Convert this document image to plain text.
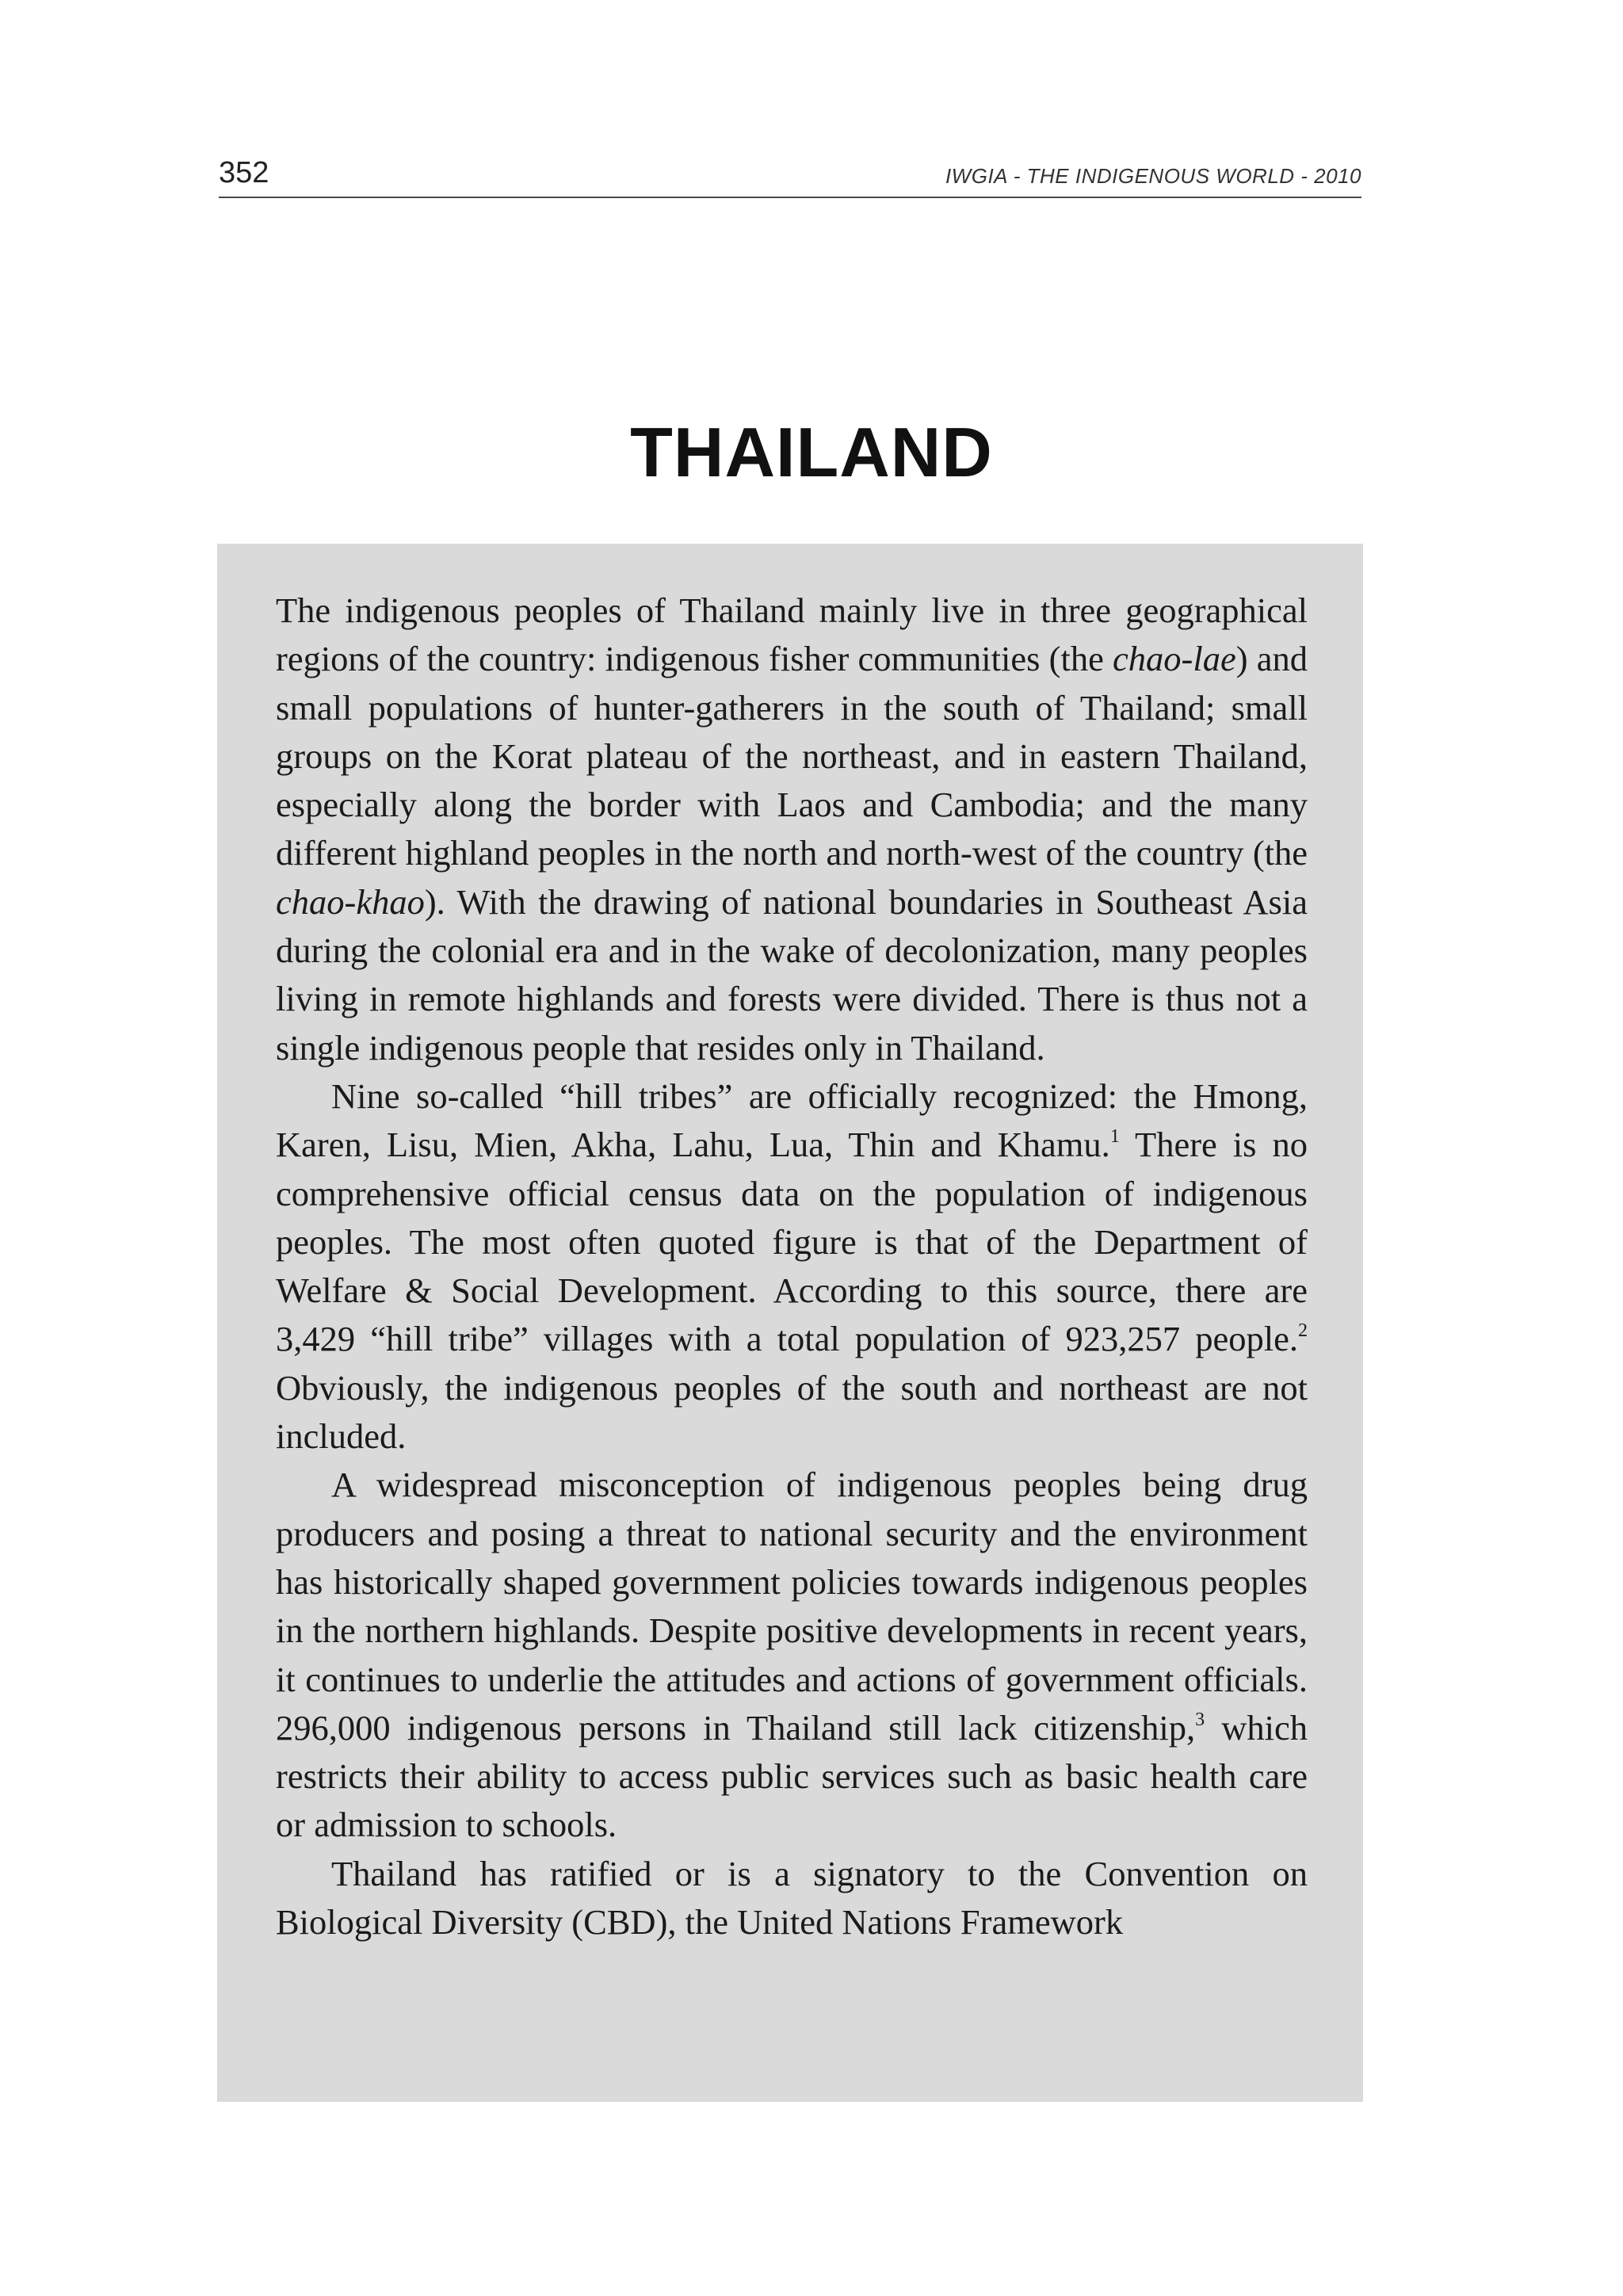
352	IWGIA - THE INDIGENOUS WORLD - 2010
THAILAND

The indigenous peoples of Thailand mainly live in three geographical regions of the country: indigenous fisher communities (the chao-lae) and small populations of hunter-gatherers in the south of Thailand; small groups on the Korat plateau of the northeast, and in eastern Thailand, especially along the border with Laos and Cambodia; and the many different highland peoples in the north and north-west of the country (the chao-khao). With the drawing of national boundaries in Southeast Asia during the colonial era and in the wake of decolonization, many peoples living in remote highlands and forests were divided. There is thus not a single indigenous people that resides only in Thailand.

Nine so-called “hill tribes” are officially recognized: the Hmong, Karen, Lisu, Mien, Akha, Lahu, Lua, Thin and Khamu.$^1$ There is no comprehensive official census data on the population of indigenous peoples. The most often quoted figure is that of the Department of Welfare & Social Development. According to this source, there are 3,429 “hill tribe” villages with a total population of 923,257 people.$^2$ Obviously, the indigenous peoples of the south and northeast are not included.

A widespread misconception of indigenous peoples being drug producers and posing a threat to national security and the environment has historically shaped government policies towards indigenous peoples in the northern highlands. Despite positive developments in recent years, it continues to underlie the attitudes and actions of government officials. 296,000 indigenous persons in Thailand still lack citizenship,$^3$ which restricts their ability to access public services such as basic health care or admission to schools.

Thailand has ratified or is a signatory to the Convention on Biological Diversity (CBD), the United Nations Framework
